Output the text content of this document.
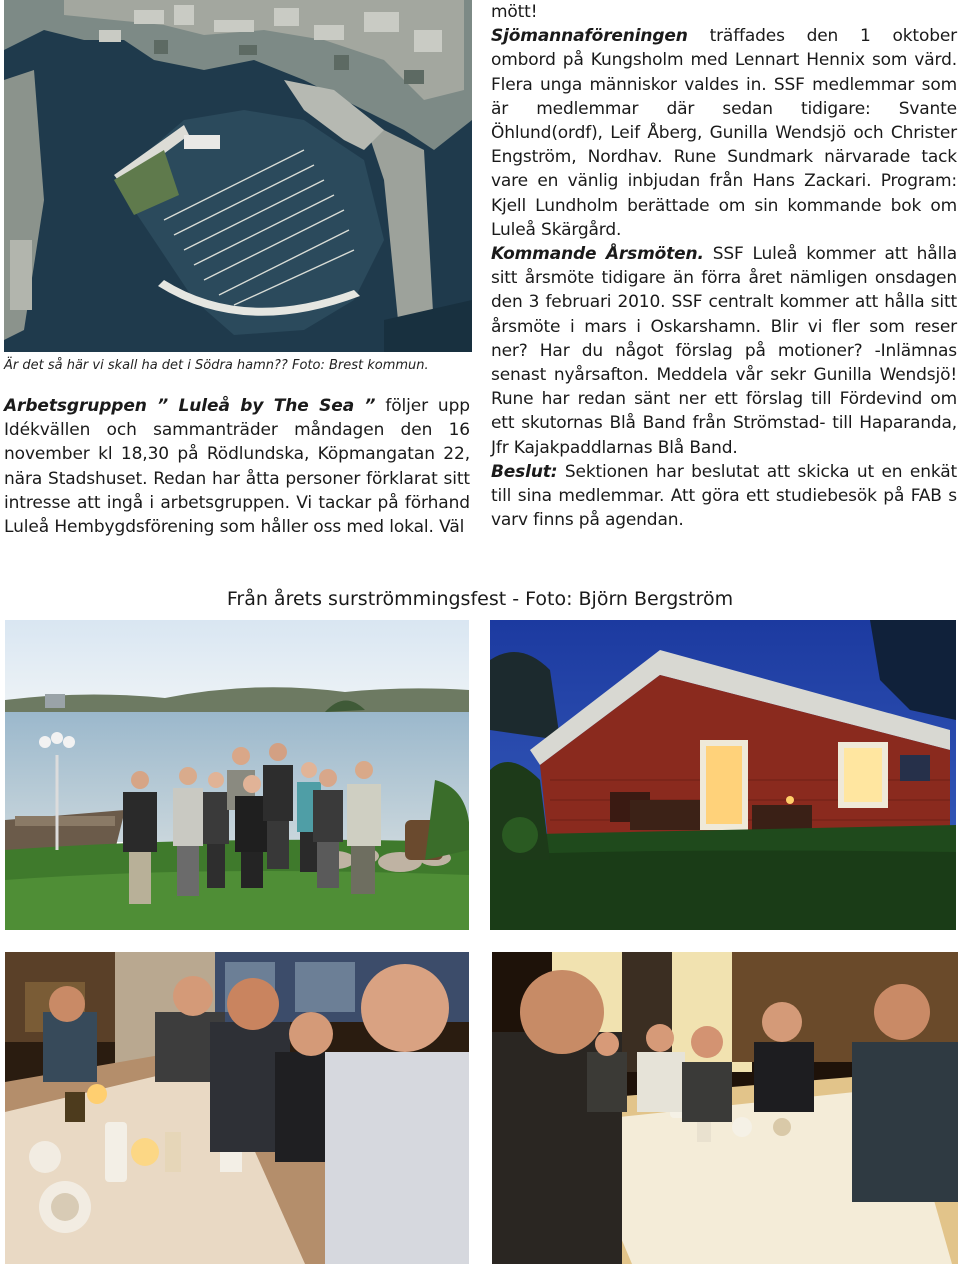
Är det så här vi skall ha det i Södra hamn?? Foto: Brest kommun.

Arbetsgruppen ” Luleå by The Sea ” följer upp Idékvällen och sammanträder måndagen den 16 november kl 18,30 på Rödlundska, Köpmangatan 22, nära Stadshuset. Redan har åtta personer förklarat sitt intresse att ingå i arbetsgruppen. Vi tackar på förhand Luleå Hembygdsförening som håller oss med lokal. Väl

mött!

Sjömannaföreningen träffades den 1 oktober ombord på Kungsholm med Lennart Hennix som värd. Flera unga människor valdes in. SSF medlemmar som är medlemmar där sedan tidigare: Svante Öhlund(ordf), Leif Åberg, Gunilla Wendsjö och Christer Engström, Nordhav. Rune Sundmark närvarade tack vare en vänlig inbjudan från Hans Zackari. Program: Kjell Lundholm berättade om sin kommande bok om Luleå Skärgård.

Kommande Årsmöten. SSF Luleå kommer att hålla sitt årsmöte tidigare än förra året nämligen onsdagen den 3 februari 2010. SSF centralt kommer att hålla sitt årsmöte i mars i Oskarshamn. Blir vi fler som reser ner? Har du något förslag på motioner? -Inlämnas senast nyårsafton. Meddela vår sekr Gunilla Wendsjö! Rune har redan sänt ner ett förslag till Fördevind om ett skutornas Blå Band från Strömstad- till Haparanda, Jfr Kajakpaddlarnas Blå Band.

Beslut: Sektionen har beslutat att skicka ut en enkät till sina medlemmar. Att göra ett studiebesök på FAB s varv finns på agendan.

Från årets surströmmingsfest - Foto: Björn Bergström
